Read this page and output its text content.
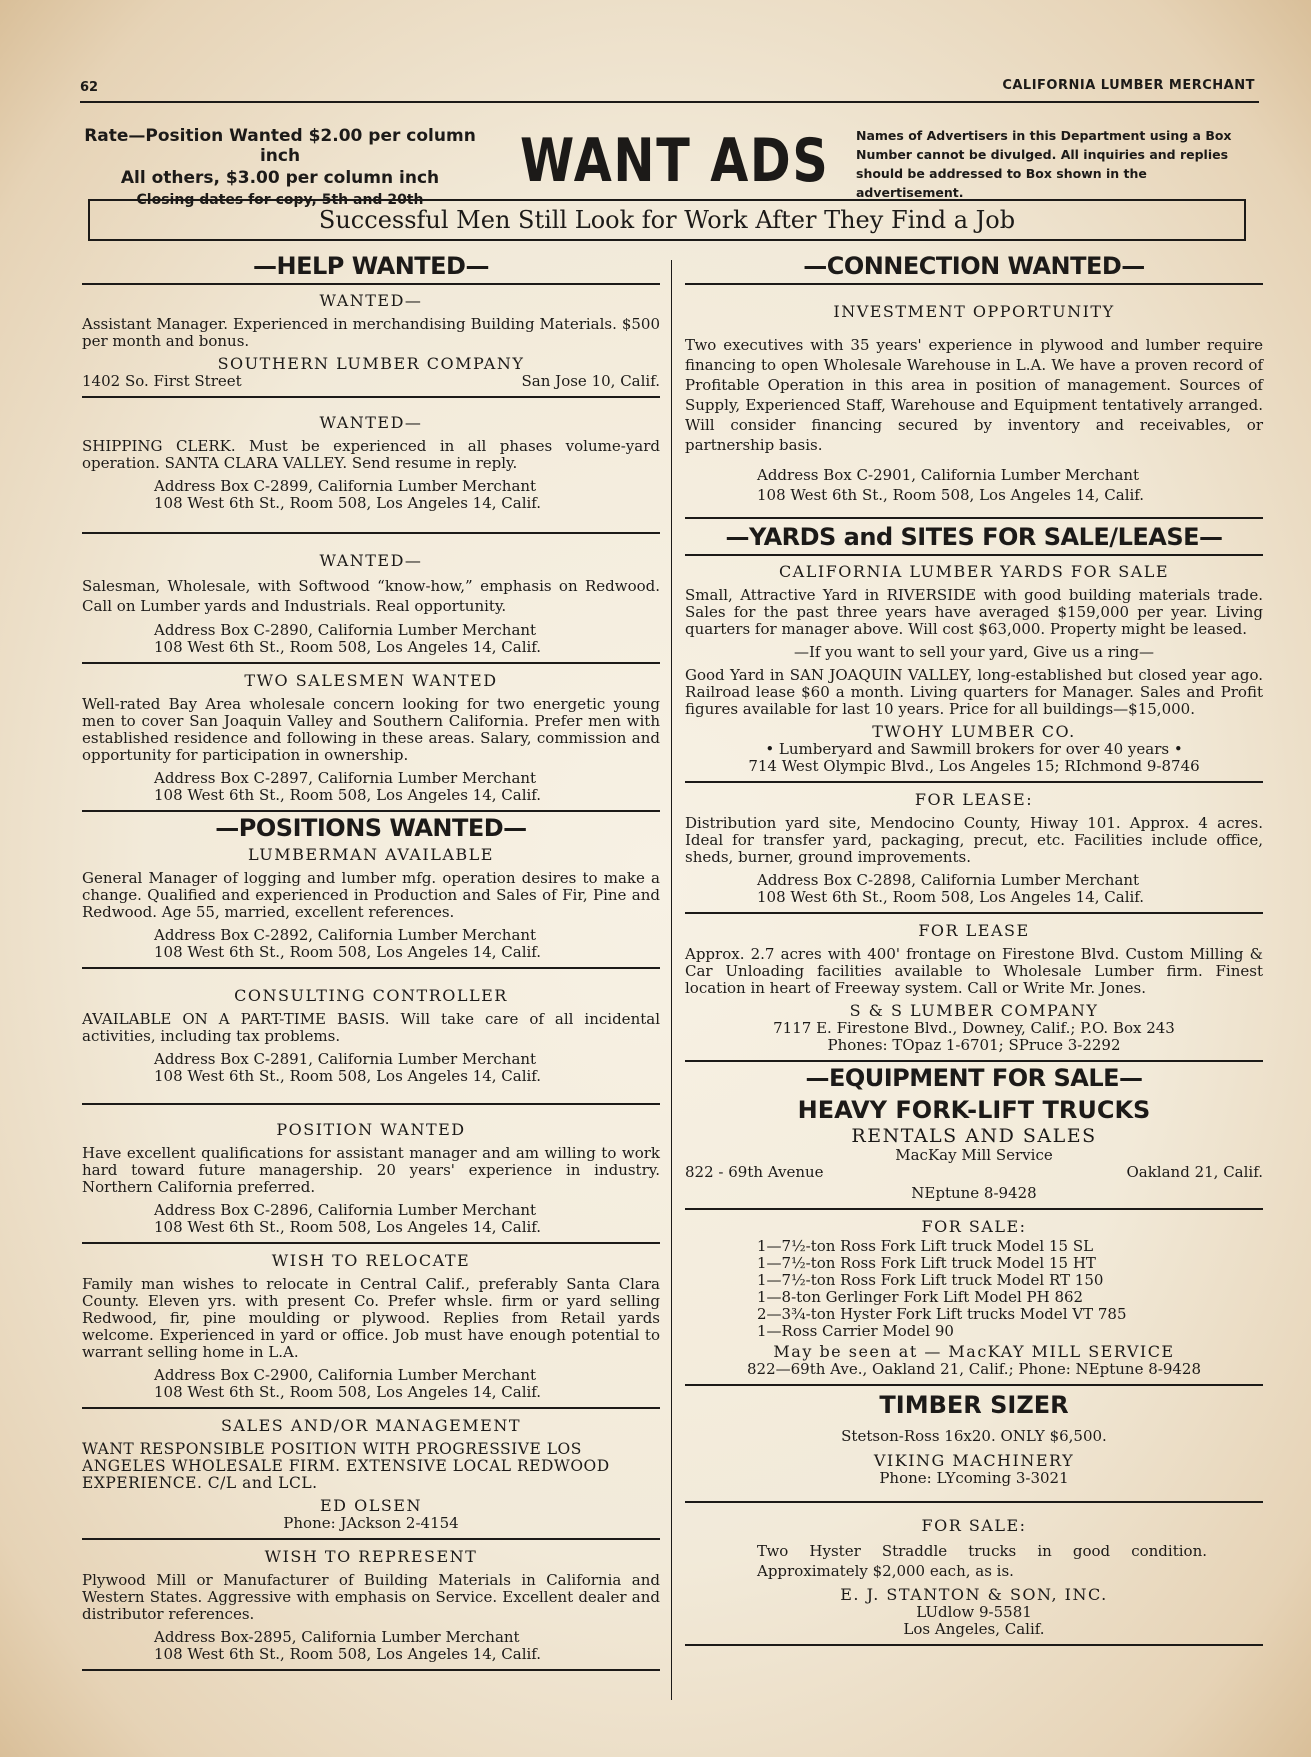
62	CALIFORNIA LUMBER MERCHANT
Rate—Position Wanted $2.00 per column inch
All others, $3.00 per column inch
Closing dates for copy, 5th and 20th
WANT ADS Names of Advertisers in this Department using a Box Number cannot be divulged. All inquiries and replies should be addressed to Box shown in the advertisement.
Successful Men Still Look for Work After They Find a Job
—HELP WANTED—
WANTED—
Assistant Manager. Experienced in merchandising Building Materials. $500 per month and bonus.
SOUTHERN LUMBER COMPANY
1402 So. First Street	San Jose 10, Calif.
WANTED—
SHIPPING CLERK. Must be experienced in all phases volume-yard operation. SANTA CLARA VALLEY. Send resume in reply.
Address Box C-2899, California Lumber Merchant
108 West 6th St., Room 508, Los Angeles 14, Calif.
WANTED—
Salesman, Wholesale, with Softwood “know-how,” emphasis on Redwood. Call on Lumber yards and Industrials. Real opportunity.
Address Box C-2890, California Lumber Merchant
108 West 6th St., Room 508, Los Angeles 14, Calif.
TWO SALESMEN WANTED
Well-rated Bay Area wholesale concern looking for two energetic young men to cover San Joaquin Valley and Southern California. Prefer men with established residence and following in these areas. Salary, commission and opportunity for participation in ownership.
Address Box C-2897, California Lumber Merchant
108 West 6th St., Room 508, Los Angeles 14, Calif.
—POSITIONS WANTED—
LUMBERMAN AVAILABLE
General Manager of logging and lumber mfg. operation desires to make a change. Qualified and experienced in Production and Sales of Fir, Pine and Redwood. Age 55, married, excellent references.
Address Box C-2892, California Lumber Merchant
108 West 6th St., Room 508, Los Angeles 14, Calif.
CONSULTING CONTROLLER
AVAILABLE ON A PART-TIME BASIS. Will take care of all incidental activities, including tax problems.
Address Box C-2891, California Lumber Merchant
108 West 6th St., Room 508, Los Angeles 14, Calif.
POSITION WANTED
Have excellent qualifications for assistant manager and am willing to work hard toward future managership. 20 years' experience in industry. Northern California preferred.
Address Box C-2896, California Lumber Merchant
108 West 6th St., Room 508, Los Angeles 14, Calif.
WISH TO RELOCATE
Family man wishes to relocate in Central Calif., preferably Santa Clara County. Eleven yrs. with present Co. Prefer whsle. firm or yard selling Redwood, fir, pine moulding or plywood. Replies from Retail yards welcome. Experienced in yard or office. Job must have enough potential to warrant selling home in L.A.
Address Box C-2900, California Lumber Merchant
108 West 6th St., Room 508, Los Angeles 14, Calif.
SALES AND/OR MANAGEMENT
WANT RESPONSIBLE POSITION WITH PROGRESSIVE LOS ANGELES WHOLESALE FIRM. EXTENSIVE LOCAL REDWOOD EXPERIENCE. C/L and LCL.
ED OLSEN
Phone: JAckson 2-4154
WISH TO REPRESENT
Plywood Mill or Manufacturer of Building Materials in California and Western States. Aggressive with emphasis on Service. Excellent dealer and distributor references.
Address Box-2895, California Lumber Merchant
108 West 6th St., Room 508, Los Angeles 14, Calif.
—CONNECTION WANTED—
INVESTMENT OPPORTUNITY
Two executives with 35 years' experience in plywood and lumber require financing to open Wholesale Warehouse in L.A. We have a proven record of Profitable Operation in this area in position of management. Sources of Supply, Experienced Staff, Warehouse and Equipment tentatively arranged. Will consider financing secured by inventory and receivables, or partnership basis.
Address Box C-2901, California Lumber Merchant
108 West 6th St., Room 508, Los Angeles 14, Calif.
—YARDS and SITES FOR SALE/LEASE—
CALIFORNIA LUMBER YARDS FOR SALE
Small, Attractive Yard in RIVERSIDE with good building materials trade. Sales for the past three years have averaged $159,000 per year. Living quarters for manager above. Will cost $63,000. Property might be leased.
—If you want to sell your yard, Give us a ring—
Good Yard in SAN JOAQUIN VALLEY, long-established but closed year ago. Railroad lease $60 a month. Living quarters for Manager. Sales and Profit figures available for last 10 years. Price for all buildings—$15,000.
TWOHY LUMBER CO.
• Lumberyard and Sawmill brokers for over 40 years •
714 West Olympic Blvd., Los Angeles 15; RIchmond 9-8746
FOR LEASE:
Distribution yard site, Mendocino County, Hiway 101. Approx. 4 acres. Ideal for transfer yard, packaging, precut, etc. Facilities include office, sheds, burner, ground improvements.
Address Box C-2898, California Lumber Merchant
108 West 6th St., Room 508, Los Angeles 14, Calif.
FOR LEASE
Approx. 2.7 acres with 400' frontage on Firestone Blvd. Custom Milling & Car Unloading facilities available to Wholesale Lumber firm. Finest location in heart of Freeway system. Call or Write Mr. Jones.
S & S LUMBER COMPANY
7117 E. Firestone Blvd., Downey, Calif.; P.O. Box 243
Phones: TOpaz 1-6701; SPruce 3-2292
—EQUIPMENT FOR SALE—
HEAVY FORK-LIFT TRUCKS
RENTALS AND SALES
MacKay Mill Service
822 - 69th Avenue	Oakland 21, Calif.
NEptune 8-9428
FOR SALE:
1—7½-ton Ross Fork Lift truck Model 15 SL
1—7½-ton Ross Fork Lift truck Model 15 HT
1—7½-ton Ross Fork Lift truck Model RT 150
1—8-ton Gerlinger Fork Lift Model PH 862
2—3¾-ton Hyster Fork Lift trucks Model VT 785
1—Ross Carrier Model 90
May be seen at — MacKAY MILL SERVICE
822—69th Ave., Oakland 21, Calif.; Phone: NEptune 8-9428
TIMBER SIZER
Stetson-Ross 16x20. ONLY $6,500.
VIKING MACHINERY
Phone: LYcoming 3-3021
FOR SALE:
Two Hyster Straddle trucks in good condition. Approximately $2,000 each, as is.
E. J. STANTON & SON, INC.
LUdlow 9-5581
Los Angeles, Calif.
